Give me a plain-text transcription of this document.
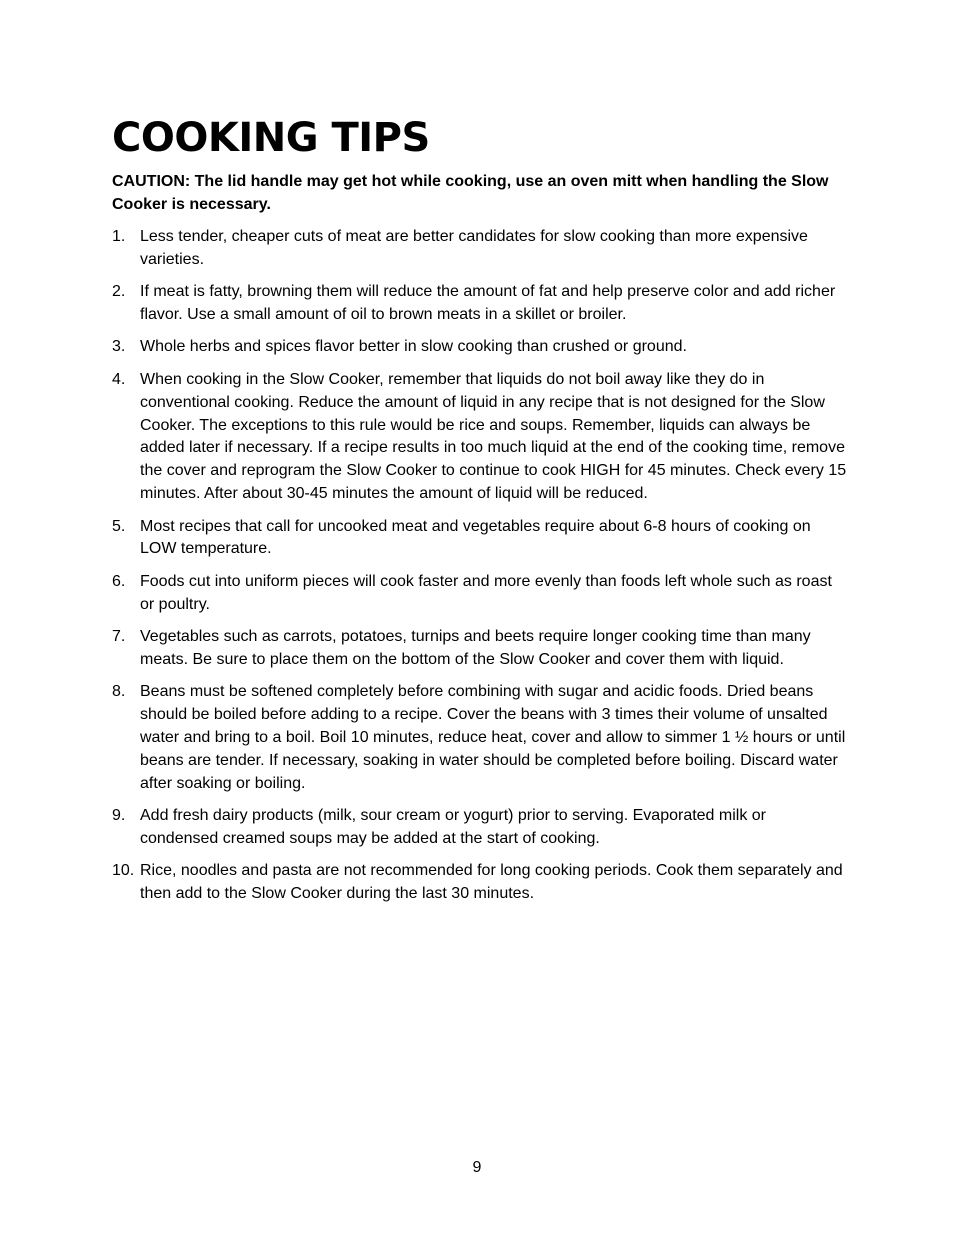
COOKING TIPS

CAUTION: The lid handle may get hot while cooking, use an oven mitt when handling the Slow Cooker is necessary.

1. Less tender, cheaper cuts of meat are better candidates for slow cooking than more expensive varieties.
2. If meat is fatty, browning them will reduce the amount of fat and help preserve color and add richer flavor. Use a small amount of oil to brown meats in a skillet or broiler.
3. Whole herbs and spices flavor better in slow cooking than crushed or ground.
4. When cooking in the Slow Cooker, remember that liquids do not boil away like they do in conventional cooking. Reduce the amount of liquid in any recipe that is not designed for the Slow Cooker. The exceptions to this rule would be rice and soups. Remember, liquids can always be added later if necessary. If a recipe results in too much liquid at the end of the cooking time, remove the cover and reprogram the Slow Cooker to continue to cook HIGH for 45 minutes. Check every 15 minutes. After about 30-45 minutes the amount of liquid will be reduced.
5. Most recipes that call for uncooked meat and vegetables require about 6-8 hours of cooking on LOW temperature.
6. Foods cut into uniform pieces will cook faster and more evenly than foods left whole such as roast or poultry.
7. Vegetables such as carrots, potatoes, turnips and beets require longer cooking time than many meats. Be sure to place them on the bottom of the Slow Cooker and cover them with liquid.
8. Beans must be softened completely before combining with sugar and acidic foods. Dried beans should be boiled before adding to a recipe. Cover the beans with 3 times their volume of unsalted water and bring to a boil. Boil 10 minutes, reduce heat, cover and allow to simmer 1 ½ hours or until beans are tender. If necessary, soaking in water should be completed before boiling. Discard water after soaking or boiling.
9. Add fresh dairy products (milk, sour cream or yogurt) prior to serving. Evaporated milk or condensed creamed soups may be added at the start of cooking.
10. Rice, noodles and pasta are not recommended for long cooking periods. Cook them separately and then add to the Slow Cooker during the last 30 minutes.
9
